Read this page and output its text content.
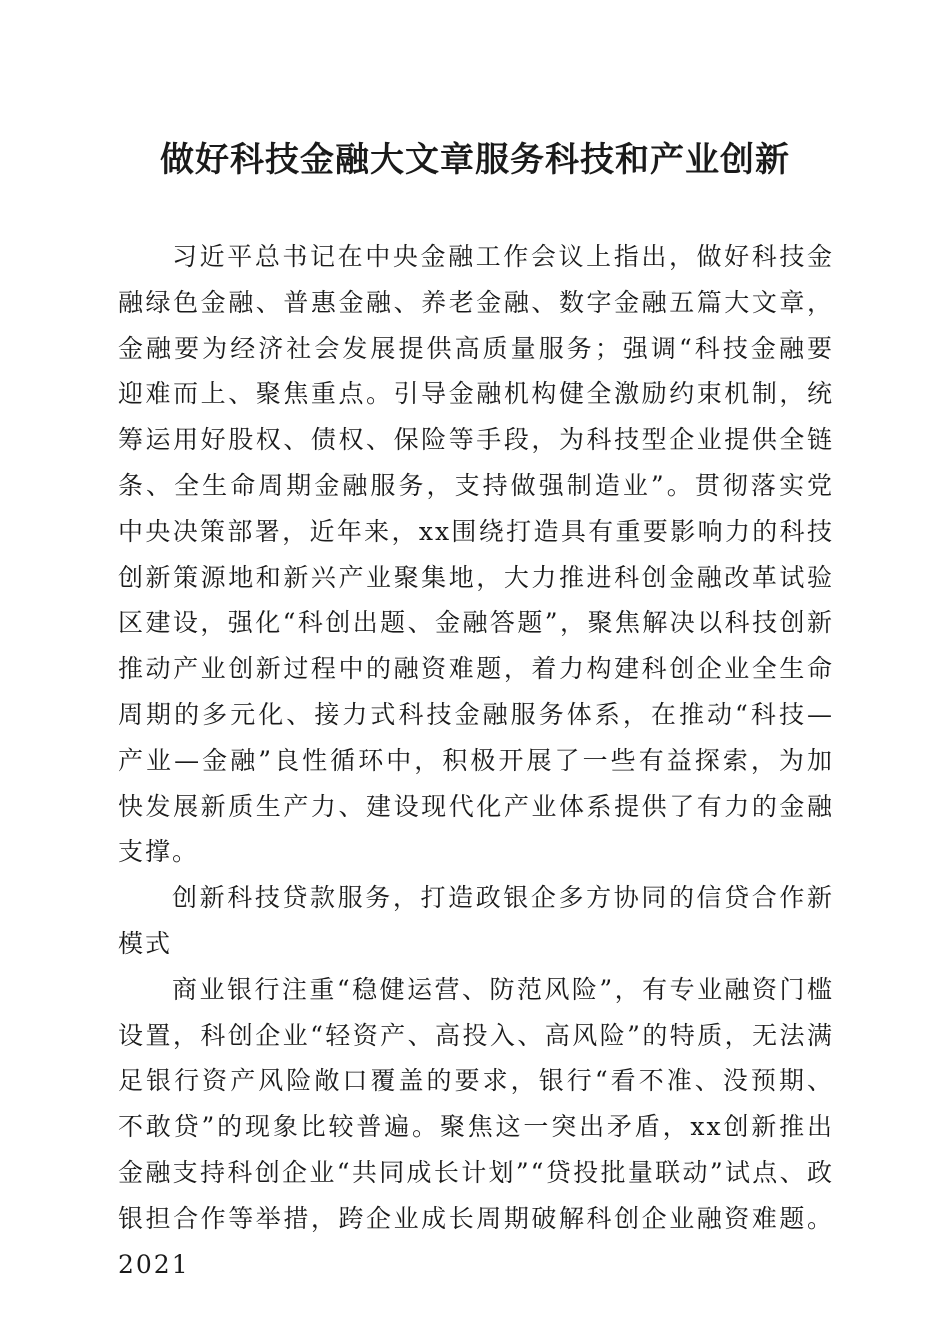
做好科技金融大文章服务科技和产业创新

习近平总书记在中央金融工作会议上指出，做好科技金融绿色金融、普惠金融、养老金融、数字金融五篇大文章，金融要为经济社会发展提供高质量服务；强调“科技金融要迎难而上、聚焦重点。引导金融机构健全激励约束机制，统筹运用好股权、债权、保险等手段，为科技型企业提供全链条、全生命周期金融服务，支持做强制造业”。贯彻落实党中央决策部署，近年来，xx围绕打造具有重要影响力的科技创新策源地和新兴产业聚集地，大力推进科创金融改革试验区建设，强化“科创出题、金融答题”，聚焦解决以科技创新推动产业创新过程中的融资难题，着力构建科创企业全生命周期的多元化、接力式科技金融服务体系，在推动“科技—产业—金融”良性循环中，积极开展了一些有益探索，为加快发展新质生产力、建设现代化产业体系提供了有力的金融支撑。

创新科技贷款服务，打造政银企多方协同的信贷合作新模式

商业银行注重“稳健运营、防范风险”，有专业融资门槛设置，科创企业“轻资产、高投入、高风险”的特质，无法满足银行资产风险敞口覆盖的要求，银行“看不准、没预期、不敢贷”的现象比较普遍。聚焦这一突出矛盾，xx创新推出金融支持科创企业“共同成长计划”“贷投批量联动”试点、政银担合作等举措，跨企业成长周期破解科创企业融资难题。2021
